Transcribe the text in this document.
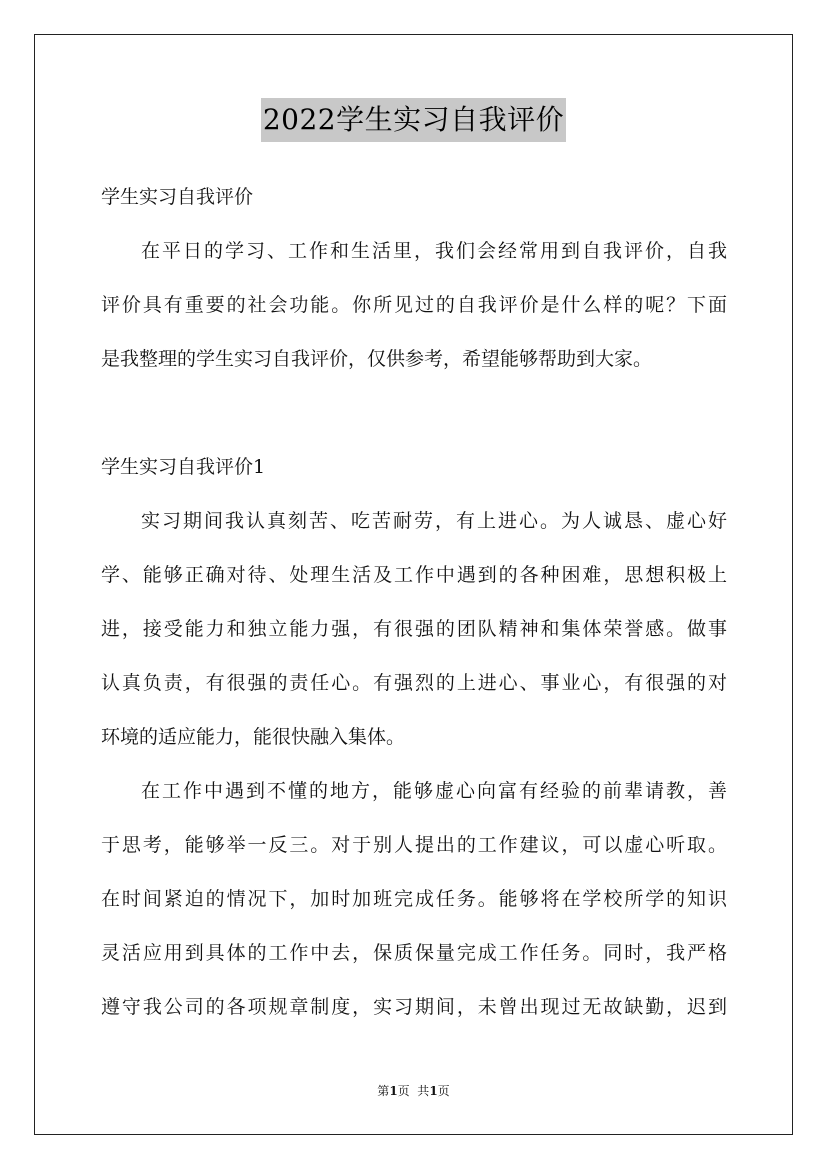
2022学生实习自我评价
学生实习自我评价
在平日的学习、工作和生活里，我们会经常用到自我评价，自我
评价具有重要的社会功能。你所见过的自我评价是什么样的呢？下面
是我整理的学生实习自我评价，仅供参考，希望能够帮助到大家。
学生实习自我评价1
实习期间我认真刻苦、吃苦耐劳，有上进心。为人诚恳、虚心好
学、能够正确对待、处理生活及工作中遇到的各种困难，思想积极上
进，接受能力和独立能力强，有很强的团队精神和集体荣誉感。做事
认真负责，有很强的责任心。有强烈的上进心、事业心，有很强的对
环境的适应能力，能很快融入集体。
在工作中遇到不懂的地方，能够虚心向富有经验的前辈请教，善
于思考，能够举一反三。对于别人提出的工作建议，可以虚心听取。
在时间紧迫的情况下，加时加班完成任务。能够将在学校所学的知识
灵活应用到具体的工作中去，保质保量完成工作任务。同时，我严格
遵守我公司的各项规章制度，实习期间，未曾出现过无故缺勤，迟到
第1页  共1页
